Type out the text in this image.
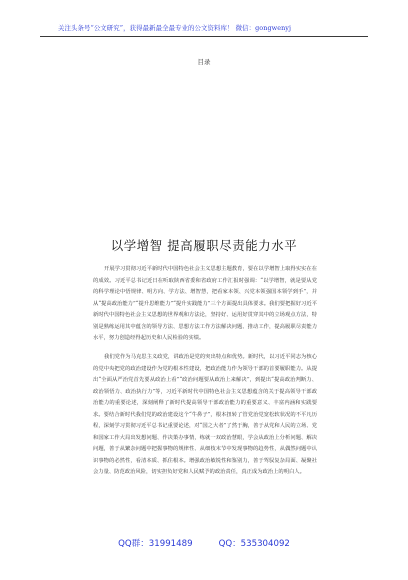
关注头条号“公文研究”，获得最新最全最专业的公文资料库！ 微信：gongwenyj
目录
以学增智 提高履职尽责能力水平

开展学习贯彻习近平新时代中国特色社会主义思想主题教育，要在以学增智上取得实实在在的成效。习近平总书记近日在听取陕西省委和省政府工作汇报时强调：“以学增智，就是要从党的科学理论中悟规律、明方向、学方法、增智慧，把看家本领、兴党本领强国本领学到手”，并从“提高政治能力”“提升思维能力”“提升实践能力”三个方面提出具体要求。我们要把握好习近平新时代中国特色社会主义思想的世界观和方法论，坚持好、运用好贯穿其中的立场观点方法，特别是熟练运用其中蕴含的领导方法、思想方法工作方法解决问题、推动工作，提高履职尽责能力水平，努力创造经得起历史和人民检验的实绩。

我们党作为马克思主义政党，讲政治是党的突出特点和优势。新时代，以习近平同志为核心的党中央把党的政治建设作为党的根本性建设，把政治能力作为领导干部的首要履职能力。从提出“全面从严治党首先要从政治上看”“政治问题要从政治上来解决”，到提出“提高政治判断力、政治领悟力、政治执行力”等，习近平新时代中国特色社会主义思想蕴含的关于提高领导干部政治能力的重要论述，深刻阐释了新时代提高领导干部政治能力的重要意义、丰富内涵和实践要求。要结合新时代我们党的政治建设这个“牛鼻子”，根本扭转了管党治党宽松软状况的不平凡历程，深刻学习贯彻习近平总书记重要论述，对“国之大者”了然于胸，善于从党和人民的立场、党和国家工作大局出发想问题、作决策办事情，练就一双政治慧眼，学会从政治上分析问题、解决问题，善于从繁杂问题中把握事物的规律性、从细枝末节中发现事物的趋势性，从偶然问题中认识事物的必然性，看清本质、抓住根本。增强政治敏锐性和鉴别力，善于驾驭复杂局面、凝聚社会力量、防范政治风险，切实担负好党和人民赋予的政治责任，真正成为政治上的明白人。

QQ群：31991489	QQ：535304092
